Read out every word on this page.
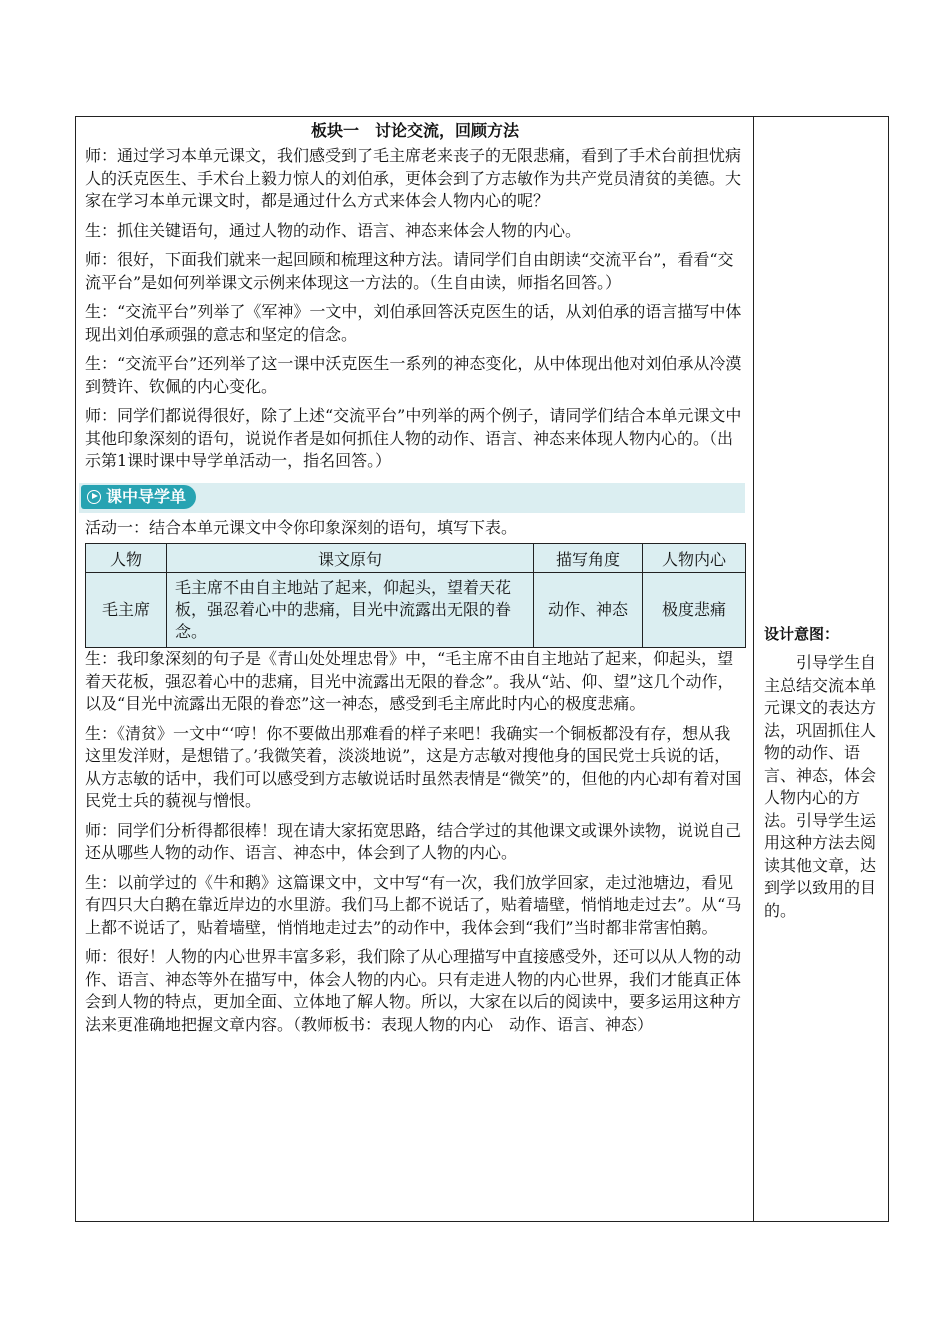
板块一　讨论交流，回顾方法

师：通过学习本单元课文，我们感受到了毛主席老来丧子的无限悲痛，看到了手术台前担忧病人的沃克医生、手术台上毅力惊人的刘伯承，更体会到了方志敏作为共产党员清贫的美德。大家在学习本单元课文时，都是通过什么方式来体会人物内心的呢？

生：抓住关键语句，通过人物的动作、语言、神态来体会人物的内心。

师：很好，下面我们就来一起回顾和梳理这种方法。请同学们自由朗读“交流平台”，看看“交流平台”是如何列举课文示例来体现这一方法的。（生自由读，师指名回答。）

生：“交流平台”列举了《军神》一文中，刘伯承回答沃克医生的话，从刘伯承的语言描写中体现出刘伯承顽强的意志和坚定的信念。

生：“交流平台”还列举了这一课中沃克医生一系列的神态变化，从中体现出他对刘伯承从冷漠到赞许、钦佩的内心变化。

师：同学们都说得很好，除了上述“交流平台”中列举的两个例子，请同学们结合本单元课文中其他印象深刻的语句，说说作者是如何抓住人物的动作、语言、神态来体现人物内心的。（出示第1课时课中导学单活动一，指名回答。）

课中导学单

活动一：结合本单元课文中令你印象深刻的语句，填写下表。

人物	课文原句	描写角度	人物内心
毛主席	毛主席不由自主地站了起来，仰起头，望着天花板，强忍着心中的悲痛，目光中流露出无限的眷念。	动作、神态	极度悲痛

生：我印象深刻的句子是《青山处处埋忠骨》中，“毛主席不由自主地站了起来，仰起头，望着天花板，强忍着心中的悲痛，目光中流露出无限的眷念”。我从“站、仰、望”这几个动作，以及“目光中流露出无限的眷恋”这一神态，感受到毛主席此时内心的极度悲痛。

生：《清贫》一文中“‘哼！你不要做出那难看的样子来吧！我确实一个铜板都没有存，想从我这里发洋财，是想错了。’我微笑着，淡淡地说”，这是方志敏对搜他身的国民党士兵说的话，从方志敏的话中，我们可以感受到方志敏说话时虽然表情是“微笑”的，但他的内心却有着对国民党士兵的藐视与憎恨。

师：同学们分析得都很棒！现在请大家拓宽思路，结合学过的其他课文或课外读物，说说自己还从哪些人物的动作、语言、神态中，体会到了人物的内心。

生：以前学过的《牛和鹅》这篇课文中，文中写“有一次，我们放学回家，走过池塘边，看见有四只大白鹅在靠近岸边的水里游。我们马上都不说话了，贴着墙壁，悄悄地走过去”。从“马上都不说话了，贴着墙壁，悄悄地走过去”的动作中，我体会到“我们”当时都非常害怕鹅。

师：很好！人物的内心世界丰富多彩，我们除了从心理描写中直接感受外，还可以从人物的动作、语言、神态等外在描写中，体会人物的内心。只有走进人物的内心世界，我们才能真正体会到人物的特点，更加全面、立体地了解人物。所以，大家在以后的阅读中，要多运用这种方法来更准确地把握文章内容。（教师板书：表现人物的内心　动作、语言、神态）

设计意图：
引导学生自主总结交流本单元课文的表达方法，巩固抓住人物的动作、语言、神态，体会人物内心的方法。引导学生运用这种方法去阅读其他文章，达到学以致用的目的。
